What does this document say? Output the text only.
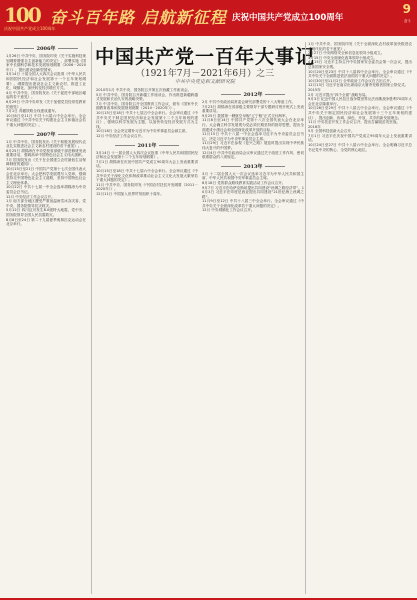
100
庆祝中国共产党成立100周年
奋斗百年路 启航新征程 庆祝中国共产党成立100周年
9
奋斗
中国共产党一百年大事记
（1921年7月－2021年6月）之三
中共中央党史和文献研究院
2006年
1月26日 中共中央、国务院印发《关于实施科技规划纲要增强自主创新能力的决定》，部署实施《国家中长期科学和技术发展规划纲要（2006－2020年）》，提出建设创新型国家。
3月14日 十届全国人大四次会议批准《中华人民共和国国民经济和社会发展第十一个五年规划纲要》。纲要提出建设社会主义新农村，推进工业化、城镇化，加快转变经济增长方式。
4月 中共中央、国务院发出《关于促进中部地区崛起的若干意见》。
6月29日 中共中央印发《关于加强党员经常性教育的意见》。
7月1日 青藏铁路全线建成通车。
10月8日至11日 中共十六届六中全会举行。全会审议通过《中共中央关于构建社会主义和谐社会若干重大问题的决定》。

2007年
1月 中共中央、国务院发出《关于积极发展现代农业扎实推进社会主义新农村建设的若干意见》。
6月25日 胡锦涛在中央党校省部级干部进修班发表重要讲话，强调高举中国特色社会主义伟大旗帜。
7月 国务院发出《关于在全国建立农村最低生活保障制度的通知》。
10月15日至21日 中国共产党第十七次全国代表大会在北京举行。大会把科学发展观写入党章，强调坚持走中国特色社会主义道路，坚持中国特色社会主义理论体系。
10月22日 中共十七届一中全会选举胡锦涛为中央委员会总书记。
12月 中央经济工作会议召开。
1月 南方部分地区遭受严重低温雨雪冰冻灾害，党中央、国务院领导抗灾救灾。
5月12日 四川汶川发生8.0级特大地震，党中央、国务院领导全国人民抗震救灾。
8月8日至24日 第二十九届夏季奥林匹克运动会在北京举行。
2010年1月 中共中央、国务院召开第五次西藏工作座谈会。
5月 中共中央、国务院召开新疆工作座谈会，作出推进新疆跨越式发展和长治久安的战略决策。
7月 中共中央、国务院召开全国教育工作会议，颁布《国家中长期教育改革和发展规划纲要（2010－2020年）》。
10月15日至18日 中共十七届五中全会举行。全会审议通过《中共中央关于制定国民经济和社会发展第十二个五年规划的建议》，强调以科学发展为主题，以加快转变经济发展方式为主线。
10月18日 全会决定增补习近平为中央军事委员会副主席。
12月 中央经济工作会议召开。

2011年
3月14日 十一届全国人大四次会议批准《中华人民共和国国民经济和社会发展第十二个五年规划纲要》。
7月1日 胡锦涛在庆祝中国共产党成立90周年大会上发表重要讲话。
10月15日至18日 中共十七届六中全会举行。全会审议通过《中共中央关于深化文化体制改革推动社会主义文化大发展大繁荣若干重大问题的决定》。
11月 中共中央、国务院印发《中国农村扶贫开发纲要（2011－2020年）》。
12月11日 中国加入世界贸易组织十周年。
2012年
2月 中共中央政治局常委会研究部署党的十八大筹备工作。
7月23日 胡锦涛在省部级主要领导干部专题研讨班开班式上发表重要讲话。
9月25日 我国第一艘航空母舰“辽宁舰”正式交付海军。
11月8日至14日 中国共产党第十八次全国代表大会在北京举行。大会确立科学发展观为党必须长期坚持的指导思想，提出全面建成小康社会和全面深化改革开放的目标。
11月15日 中共十八届一中全会选举习近平为中央委员会总书记，决定习近平为中央军事委员会主席。
11月29日 习近平在参观《复兴之路》展览时提出实现中华民族伟大复兴的中国梦。
12月4日 中共中央政治局会议审议通过关于改进工作作风、密切联系群众的八项规定。

2013年
3月 十二届全国人大一次会议选举习近平为中华人民共和国主席、中华人民共和国中央军事委员会主席。
6月18日 党的群众路线教育实践活动工作会议召开。
9月7日 习近平在哈萨克斯坦提出共同建设“丝绸之路经济带”。10月3日 习近平在印度尼西亚提出共同建设“21世纪海上丝绸之路”。
11月9日至12日 中共十八届三中全会举行。全会审议通过《中共中央关于全面深化改革若干重大问题的决定》。
12月 中央城镇化工作会议召开。
1月 中共中央、国务院印发《关于全面深化农村改革加快推进农业现代化的若干意见》。
2月27日 中央网络安全和信息化领导小组成立。
3月15日 中央全面深化改革领导小组成立。
4月15日 习近平主持召开中央国家安全委员会第一次会议，提出总体国家安全观。
10月20日至23日 中共十八届四中全会举行。全会审议通过《中共中央关于全面推进依法治国若干重大问题的决定》。
10月30日至11月2日 全军政治工作会议在古田召开。
12月13日 习近平在南京出席南京大屠杀死难者国家公祭仪式。
2015年
2月 习近平提出“四个全面”战略布局。
9月3日 纪念中国人民抗日战争暨世界反法西斯战争胜利70周年大会在北京隆重举行。
10月26日至29日 中共十八届五中全会举行。全会审议通过《中共中央关于制定国民经济和社会发展第十三个五年规划的建议》，提出创新、协调、绿色、开放、共享的新发展理念。
11月 中央扶贫开发工作会议召开，提出打赢脱贫攻坚战。
2016年
5月 全国科技创新大会召开。
7月1日 习近平在庆祝中国共产党成立95周年大会上发表重要讲话。
10月24日至27日 中共十八届六中全会举行。全会明确习近平总书记党中央的核心、全党的核心地位。
